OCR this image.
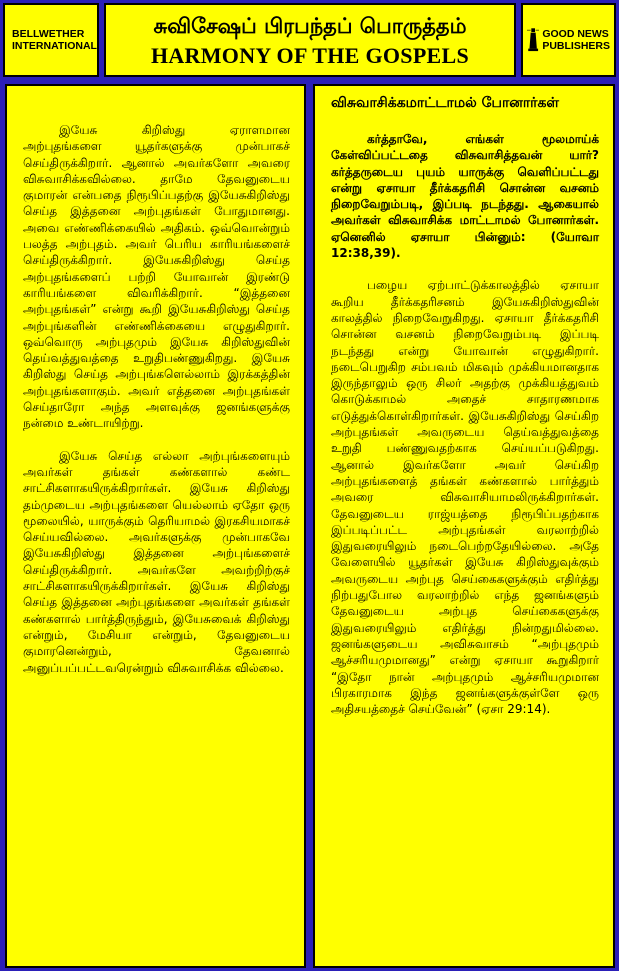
BELLWETHER
INTERNATIONAL
சுவிசேஷப் பிரபந்தப் பொருத்தம்
HARMONY OF THE GOSPELS
GOOD NEWS
PUBLISHERS

இயேசு கிறிஸ்து ஏராளமான அற்புதங்களை யூதர்களுக்கு முன்பாகச் செய்திருக்கிறார். ஆனால் அவர்களோ அவரை விசுவாசிக்கவில்லை. தாமே தேவனுடைய குமாரன் என்பதை நிரூபிப்பதற்கு இயேசுகிறிஸ்து செய்த இத்தனை அற்புதங்கள் போதுமானது. அவை எண்ணிக்கையில் அதிகம். ஒவ்வொன்றும் பலத்த அற்புதம். அவர் பெரிய காரியங்களைச் செய்திருக்கிறார். இயேசுகிறிஸ்து செய்த அற்புதங்களைப் பற்றி யோவான் இரண்டு காரியங்களை விவரிக்கிறார். “இத்தனை அற்புதங்கள்” என்று கூறி இயேசுகிறிஸ்து செய்த அற்புங்களின் எண்ணிக்கையை எழுதுகிறார். ஒவ்வொரு அற்புதமும் இயேசு கிறிஸ்துவின் தெய்வத்துவத்தை உறுதிபண்ணுகிறது. இயேசு கிறிஸ்து செய்த அற்புங்களெல்லாம் இரக்கத்தின் அற்புதங்களாகும். அவர் எத்தனை அற்புதங்கள் செய்தாரோ அந்த அளவுக்கு ஜனங்களுக்கு நன்மை உண்டாயிற்று.

இயேசு செய்த எல்லா அற்புங்களையும் அவர்கள் தங்கள் கண்களால் கண்ட சாட்சிகளாகயிருக்கிறார்கள். இயேசு கிறிஸ்து தம்முடைய அற்புதங்களை யெல்லாம் ஏதோ ஒரு மூலையில், யாருக்கும் தெரியாமல் இரகசியமாகச் செய்யவில்லை. அவர்களுக்கு முன்பாகவே இயேசுகிறிஸ்து இத்தனை அற்புங்களைச் செய்திருக்கிறார். அவர்களே அவற்றிற்குச் சாட்சிகளாகயிருக்கிறார்கள். இயேசு கிறிஸ்து செய்த இத்தனை அற்புதங்களை அவர்கள் தங்கள் கண்களால் பார்த்திருந்தும், இயேசுவைக் கிறிஸ்து என்றும், மேசியா என்றும், தேவனுடைய குமாரனென்றும், தேவனால் அனுப்பப்பட்டவரென்றும் விசுவாசிக்க வில்லை.

விசுவாசிக்கமாட்டாமல் போனார்கள்

கர்த்தாவே, எங்கள் மூலமாய்க் கேள்விப்பட்டதை விசுவாசித்தவன் யார்? கர்த்தருடைய புயம் யாருக்கு வெளிப்பட்டது என்று ஏசாயா தீர்க்கதரிசி சொன்ன வசனம் நிறைவேறும்படி, இப்படி நடந்தது. ஆகையால் அவர்கள் விசுவாசிக்க மாட்டாமல் போனார்கள். ஏனெனில் ஏசாயா பின்னும்: (யோவா 12:38,39).

பழைய ஏற்பாட்டுக்காலத்தில் ஏசாயா கூறிய தீர்க்கதரிசனம் இயேசுகிறிஸ்துவின் காலத்தில் நிறைவேறுகிறது. ஏசாயா தீர்க்கதரிசி சொன்ன வசனம் நிறைவேறும்படி இப்படி நடந்தது என்று யோவான் எழுதுகிறார். நடைபெறுகிற சம்பவம் மிகவும் முக்கியமானதாக இருந்தாலும் ஒரு சிலர் அதற்கு முக்கியத்துவம் கொடுக்காமல் அதைச் சாதாரணமாக எடுத்துக்கொள்கிறார்கள். இயேசுகிறிஸ்து செய்கிற அற்புதங்கள் அவருடைய தெய்வத்துவத்தை உறுதி பண்ணுவதற்காக செய்யப்படுகிறது. ஆனால் இவர்களோ அவர் செய்கிற அற்புதங்களைத் தங்கள் கண்களால் பார்த்தும் அவரை விசுவாசியாமலிருக்கிறார்கள். தேவனுடைய ராஜ்யத்தை நிரூபிப்பதற்காக இப்படிப்பட்ட அற்புதங்கள் வரலாற்றில் இதுவரையிலும் நடைபெற்றதேயில்லை. அதே வேளையில் யூதர்கள் இயேசு கிறிஸ்துவுக்கும் அவருடைய அற்புத செய்கைகளுக்கும் எதிர்த்து நிற்பதுபோல வரலாற்றில் எந்த ஜனங்களும் தேவனுடைய அற்புத செய்கைகளுக்கு இதுவரையிலும் எதிர்த்து நின்றதுமில்லை. ஜனங்களுடைய அவிசுவாசம் “அற்புதமும் ஆச்சரியமுமானது” என்று ஏசாயா கூறுகிறார் “இதோ நான் அற்புதமும் ஆச்சரியமுமான பிரகாரமாக இந்த ஜனங்களுக்குள்ளே ஒரு அதிசயத்தைச் செய்வேன்” (ஏசா 29:14).
